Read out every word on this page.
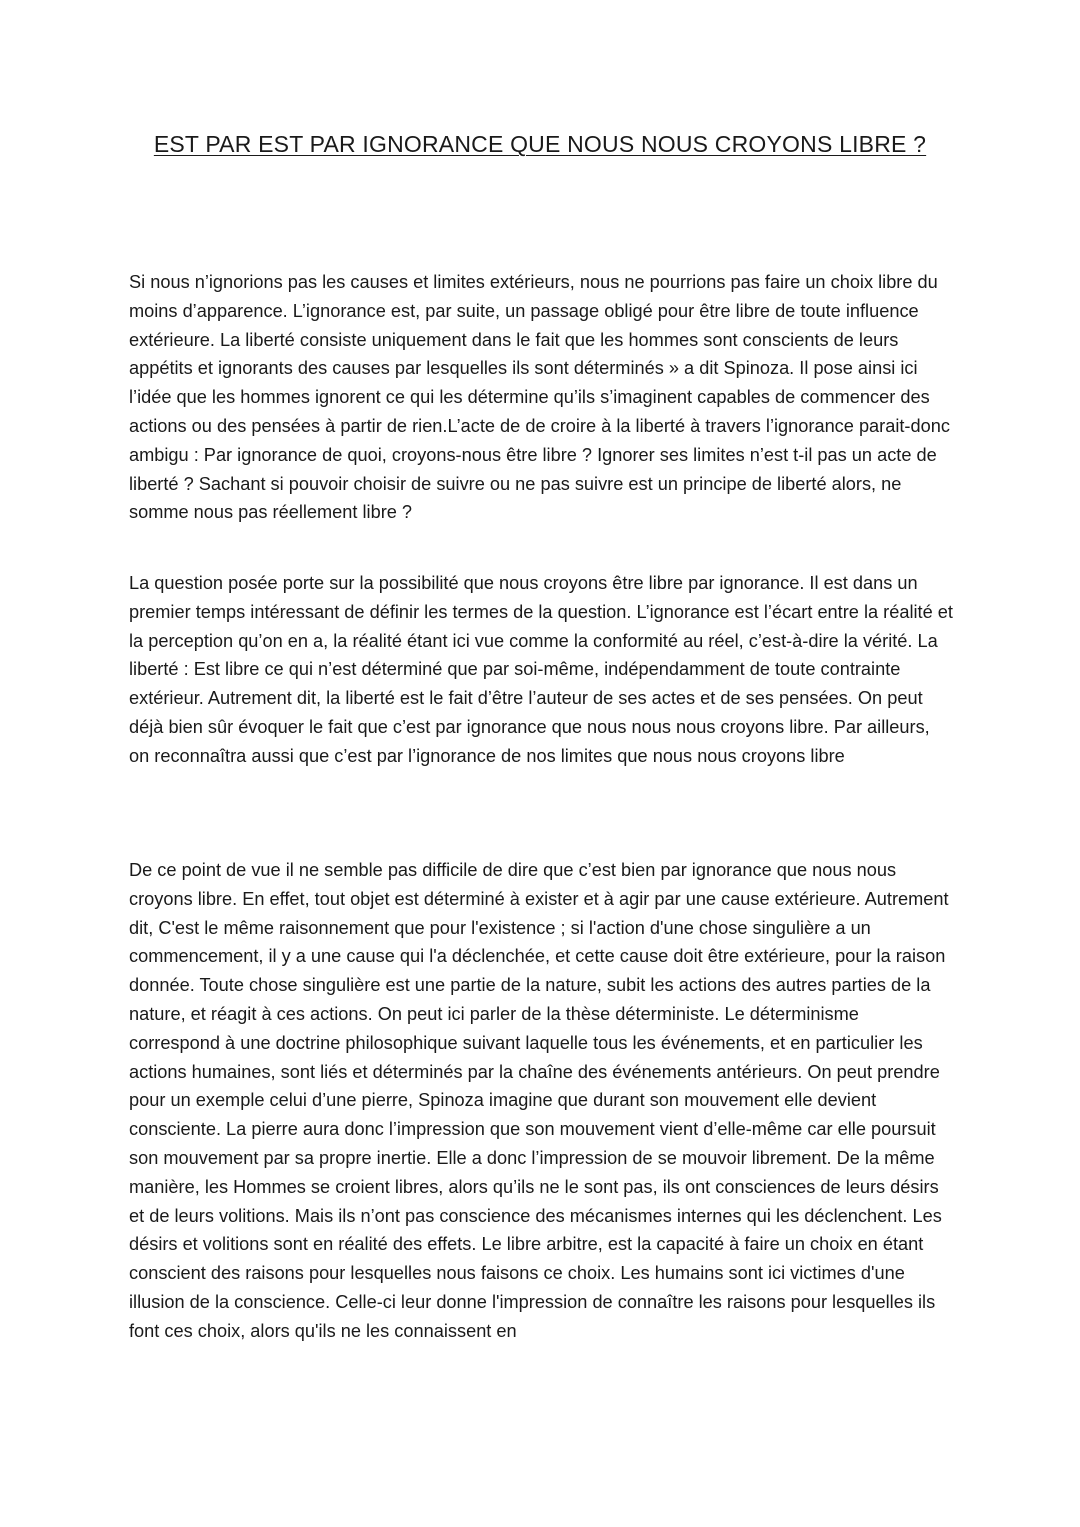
EST PAR EST PAR IGNORANCE QUE NOUS NOUS CROYONS LIBRE ?

Si nous n’ignorions pas les causes et limites extérieurs, nous ne pourrions pas faire un choix libre du moins d’apparence. L’ignorance est, par suite, un passage obligé pour être libre de toute influence extérieure. La liberté consiste uniquement dans le fait que les hommes sont conscients de leurs appétits et ignorants des causes par lesquelles ils sont déterminés » a dit Spinoza. Il pose ainsi ici l’idée que les hommes ignorent ce qui les détermine qu’ils s’imaginent capables de commencer des actions ou des pensées à partir de rien.L’acte de de croire à la liberté à travers l’ignorance parait-donc ambigu : Par ignorance de quoi, croyons-nous être libre ? Ignorer ses limites n’est t-il pas un acte de liberté ? Sachant si pouvoir choisir de suivre ou ne pas suivre est un principe de liberté alors, ne somme nous pas réellement libre ?

La question posée porte sur la possibilité que nous croyons être libre par ignorance. Il est dans un premier temps intéressant de définir les termes de la question. L’ignorance est l’écart entre la réalité et la perception qu’on en a, la réalité étant ici vue comme la conformité au réel, c’est-à-dire la vérité. La liberté : Est libre ce qui n’est déterminé que par soi-même, indépendamment de toute contrainte extérieur. Autrement dit, la liberté est le fait d’être l’auteur de ses actes et de ses pensées. On peut déjà bien sûr évoquer le fait que c’est par ignorance que nous nous nous croyons libre. Par ailleurs, on reconnaîtra aussi que c’est par l’ignorance de nos limites que nous nous croyons libre

De ce point de vue il ne semble pas difficile de dire que c’est bien par ignorance que nous nous croyons libre. En effet, tout objet est déterminé à exister et à agir par une cause extérieure. Autrement dit, C'est le même raisonnement que pour l'existence ; si l'action d'une chose singulière a un commencement, il y a une cause qui l'a déclenchée, et cette cause doit être extérieure, pour la raison donnée. Toute chose singulière est une partie de la nature, subit les actions des autres parties de la nature, et réagit à ces actions. On peut ici parler de la thèse déterministe. Le déterminisme correspond à une doctrine philosophique suivant laquelle tous les événements, et en particulier les actions humaines, sont liés et déterminés par la chaîne des événements antérieurs. On peut prendre pour un exemple celui d’une pierre, Spinoza imagine que durant son mouvement elle devient consciente. La pierre aura donc l’impression que son mouvement vient d’elle-même car elle poursuit son mouvement par sa propre inertie. Elle a donc l’impression de se mouvoir librement. De la même manière, les Hommes se croient libres, alors qu’ils ne le sont pas, ils ont consciences de leurs désirs et de leurs volitions. Mais ils n’ont pas conscience des mécanismes internes qui les déclenchent. Les désirs et volitions sont en réalité des effets. Le libre arbitre, est la capacité à faire un choix en étant conscient des raisons pour lesquelles nous faisons ce choix. Les humains sont ici victimes d'une illusion de la conscience. Celle-ci leur donne l'impression de connaître les raisons pour lesquelles ils font ces choix, alors qu'ils ne les connaissent en
